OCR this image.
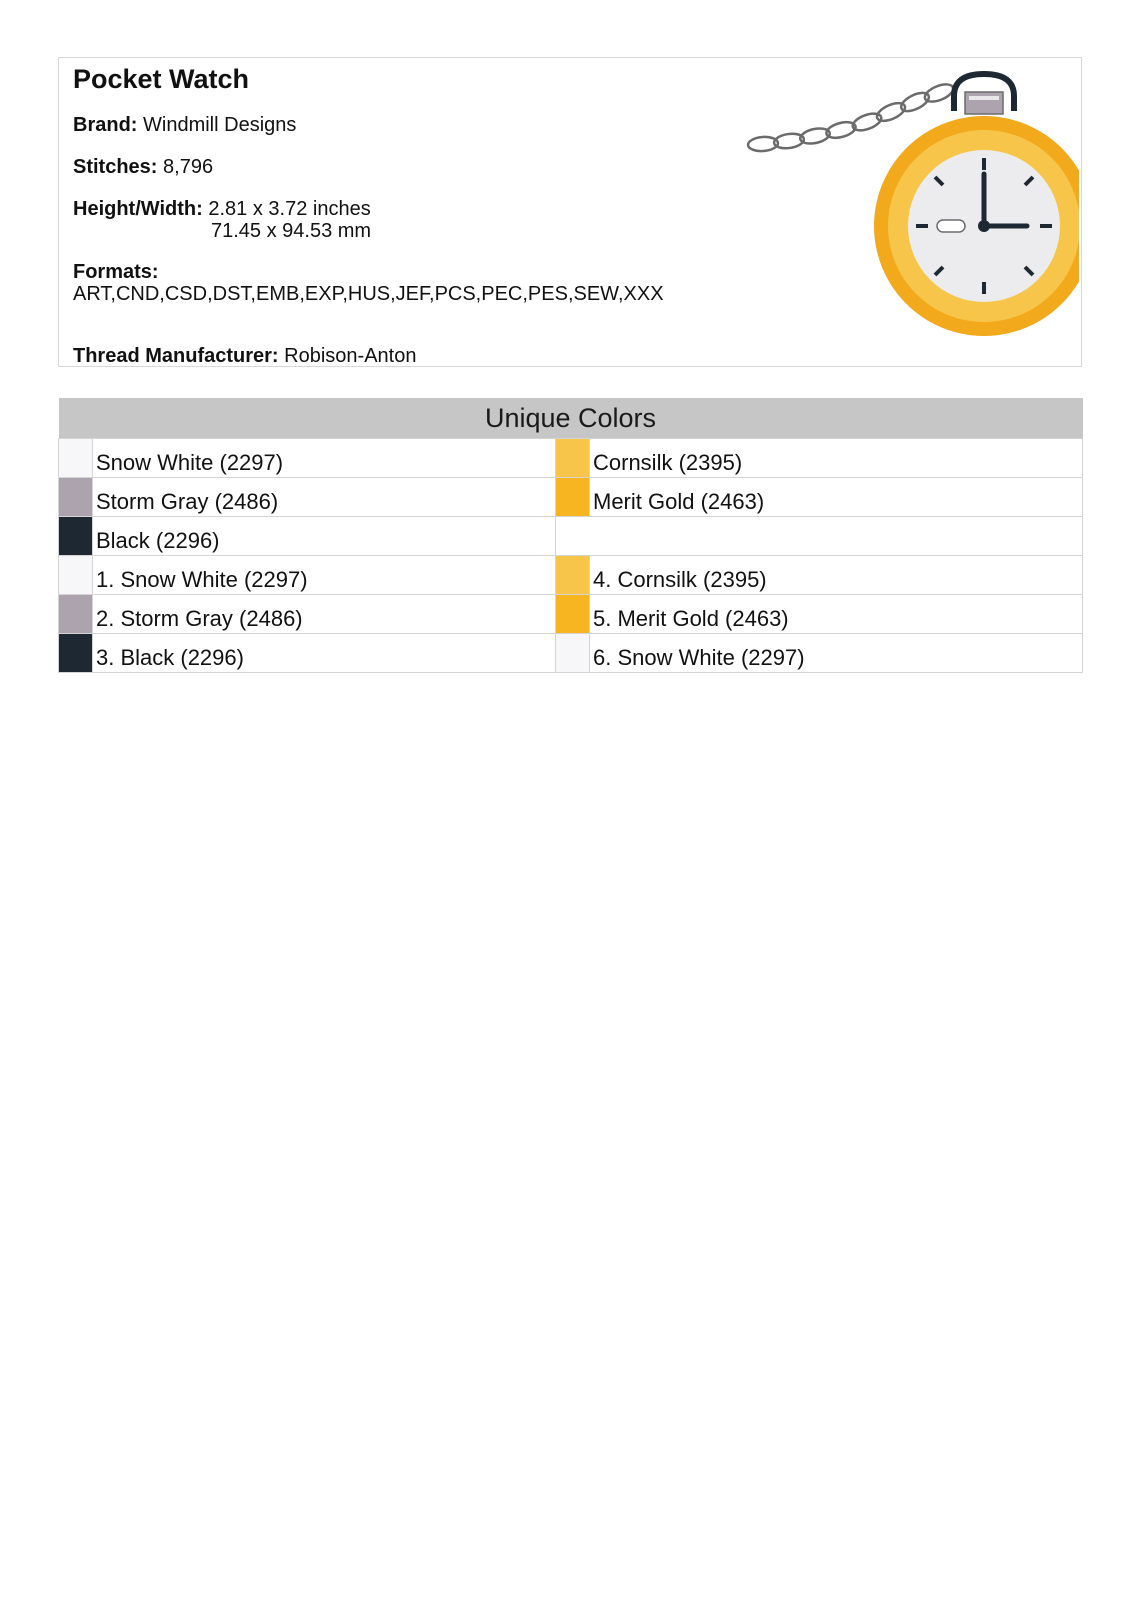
Pocket Watch
Brand: Windmill Designs
Stitches: 8,796
Height/Width: 2.81 x 3.72 inches
71.45 x 94.53 mm
Formats:
ART,CND,CSD,DST,EMB,EXP,HUS,JEF,PCS,PEC,PES,SEW,XXX
Thread Manufacturer: Robison-Anton
Unique Colors			
	Snow White (2297)		Cornsilk (2395)
	Storm Gray (2486)		Merit Gold (2463)
	Black (2296)		
	1. Snow White (2297)		4. Cornsilk (2395)
	2. Storm Gray (2486)		5. Merit Gold (2463)
	3. Black (2296)		6. Snow White (2297)
